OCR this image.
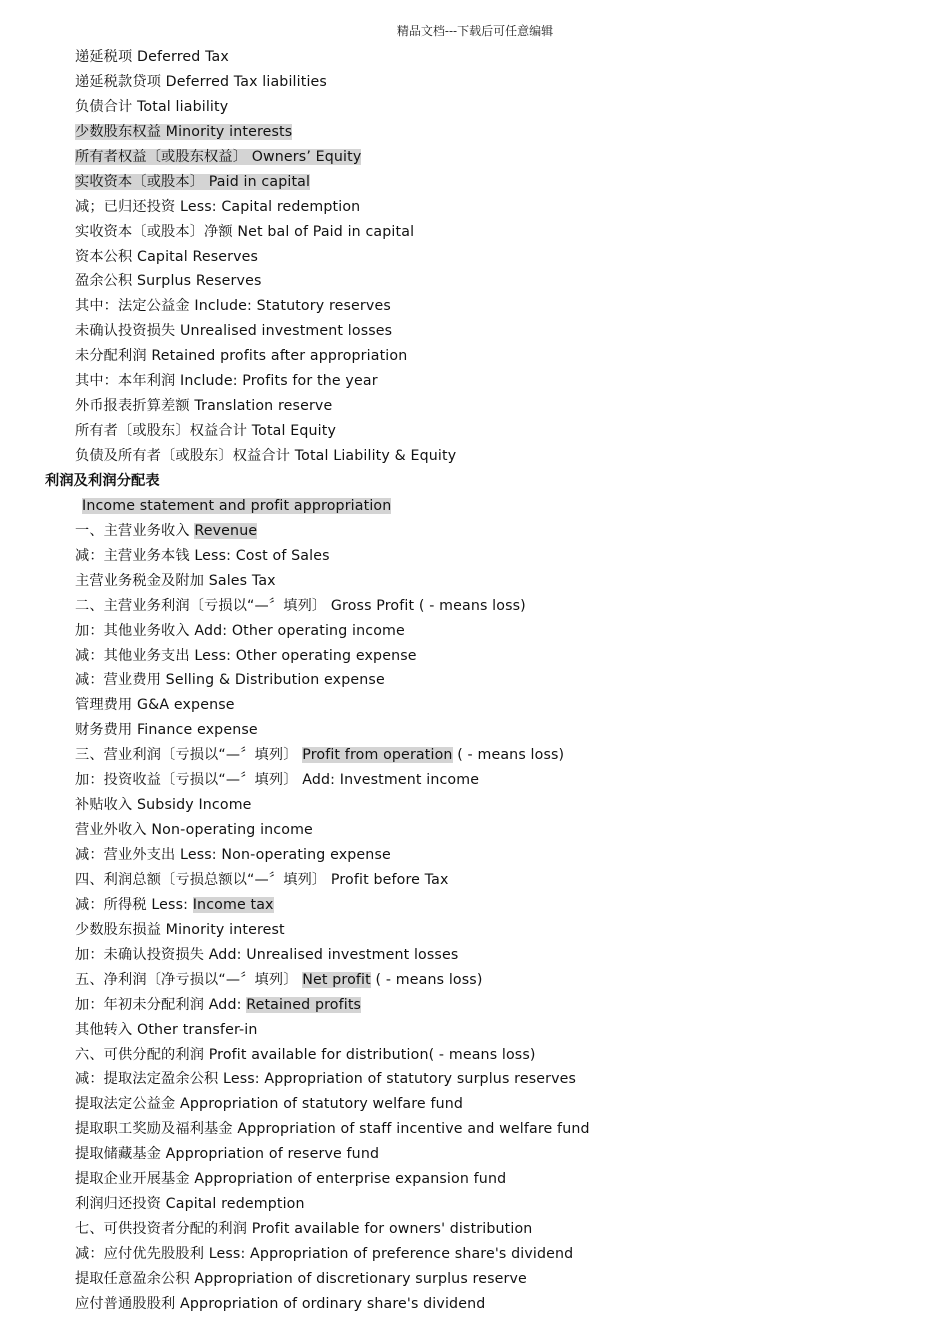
精品文档---下载后可任意编辑
递延税项 Deferred Tax
递延税款贷项 Deferred Tax liabilities
负债合计 Total liability
少数股东权益 Minority interests
所有者权益〔或股东权益〕 Owners’ Equity
实收资本〔或股本〕 Paid in capital
减；已归还投资 Less: Capital redemption
实收资本〔或股本〕净额 Net bal of Paid in capital
资本公积 Capital Reserves
盈余公积 Surplus Reserves
其中：法定公益金 Include: Statutory reserves
未确认投资损失 Unrealised investment losses
未分配利润 Retained profits after appropriation
其中：本年利润 Include: Profits for the year
外币报表折算差额 Translation reserve
所有者〔或股东〕权益合计 Total Equity
负债及所有者〔或股东〕权益合计 Total Liability & Equity
利润及利润分配表
Income statement and profit appropriation
一、主营业务收入 Revenue
减：主营业务本钱 Less: Cost of Sales
主营业务税金及附加 Sales Tax
二、主营业务利润〔亏损以“—〞填列〕 Gross Profit ( - means loss)
加：其他业务收入 Add: Other operating income
减：其他业务支出 Less: Other operating expense
减：营业费用 Selling & Distribution expense
管理费用 G&A expense
财务费用 Finance expense
三、营业利润〔亏损以“—〞填列〕 Profit from operation ( - means loss)
加：投资收益〔亏损以“—〞填列〕 Add: Investment income
补贴收入 Subsidy Income
营业外收入 Non-operating income
减：营业外支出 Less: Non-operating expense
四、利润总额〔亏损总额以“—〞填列〕 Profit before Tax
减：所得税 Less: Income tax
少数股东损益 Minority interest
加：未确认投资损失 Add: Unrealised investment losses
五、净利润〔净亏损以“—〞填列〕 Net profit ( - means loss)
加：年初未分配利润 Add: Retained profits
其他转入 Other transfer-in
六、可供分配的利润 Profit available for distribution( - means loss)
减：提取法定盈余公积 Less: Appropriation of statutory surplus reserves
提取法定公益金 Appropriation of statutory welfare fund
提取职工奖励及福利基金 Appropriation of staff incentive and welfare fund
提取储藏基金 Appropriation of reserve fund
提取企业开展基金 Appropriation of enterprise expansion fund
利润归还投资 Capital redemption
七、可供投资者分配的利润 Profit available for owners' distribution
减：应付优先股股利 Less: Appropriation of preference share's dividend
提取任意盈余公积 Appropriation of discretionary surplus reserve
应付普通股股利 Appropriation of ordinary share's dividend
